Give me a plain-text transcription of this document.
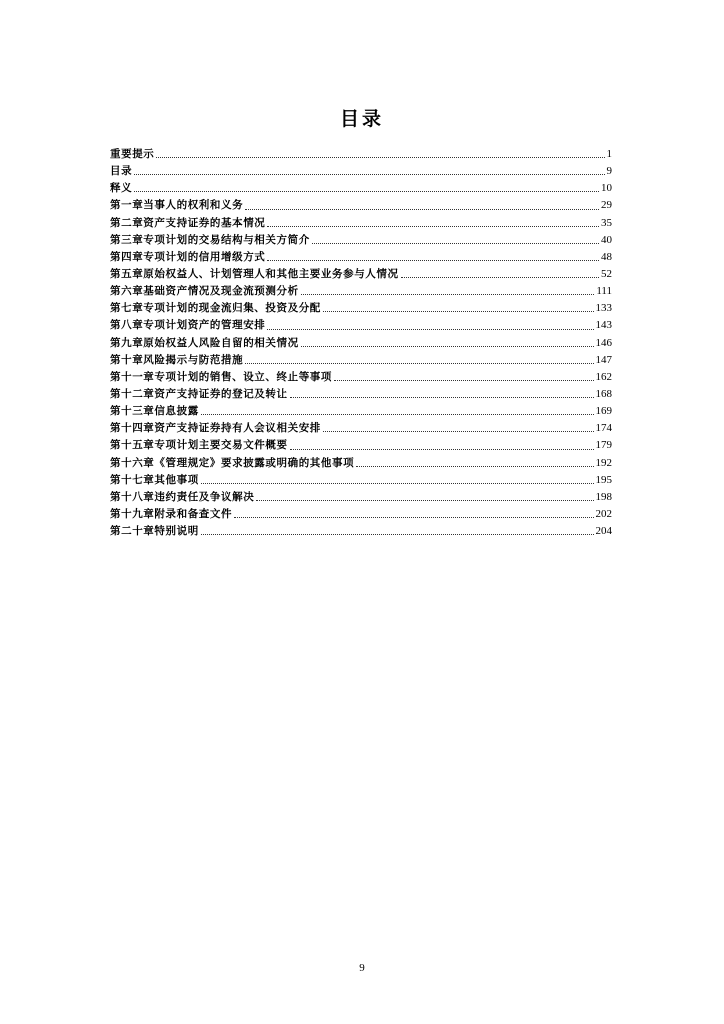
目录
重要提示	1
目录	9
释义	10
第一章当事人的权利和义务	29
第二章资产支持证券的基本情况	35
第三章专项计划的交易结构与相关方简介	40
第四章专项计划的信用增级方式	48
第五章原始权益人、计划管理人和其他主要业务参与人情况	52
第六章基础资产情况及现金流预测分析	111
第七章专项计划的现金流归集、投资及分配	133
第八章专项计划资产的管理安排	143
第九章原始权益人风险自留的相关情况	146
第十章风险揭示与防范措施	147
第十一章专项计划的销售、设立、终止等事项	162
第十二章资产支持证券的登记及转让	168
第十三章信息披露	169
第十四章资产支持证券持有人会议相关安排	174
第十五章专项计划主要交易文件概要	179
第十六章《管理规定》要求披露或明确的其他事项	192
第十七章其他事项	195
第十八章违约责任及争议解决	198
第十九章附录和备查文件	202
第二十章特别说明	204
9
